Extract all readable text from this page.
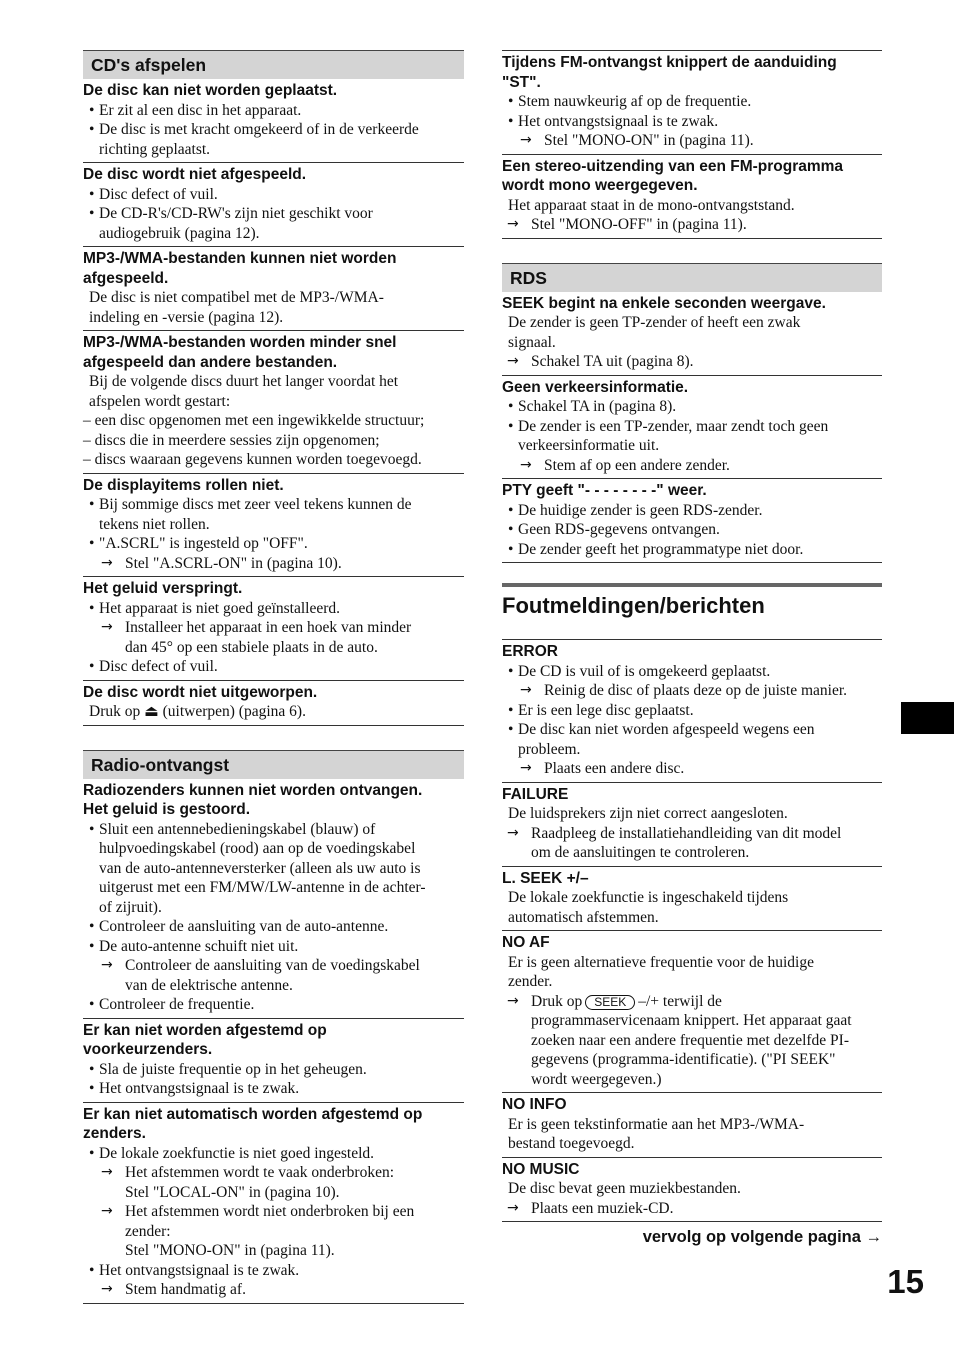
CD's afspelen
De disc kan niet worden geplaatst.
• Er zit al een disc in het apparaat.
• De disc is met kracht omgekeerd of in de verkeerde
richting geplaatst.
De disc wordt niet afgespeeld.
• Disc defect of vuil.
• De CD-R's/CD-RW's zijn niet geschikt voor
audiogebruik (pagina 12).
MP3-/WMA-bestanden kunnen niet worden
afgespeeld.
De disc is niet compatibel met de MP3-/WMA-
indeling en -versie (pagina 12).
MP3-/WMA-bestanden worden minder snel
afgespeeld dan andere bestanden.
Bij de volgende discs duurt het langer voordat het
afspelen wordt gestart:
– een disc opgenomen met een ingewikkelde structuur;
– discs die in meerdere sessies zijn opgenomen;
– discs waaraan gegevens kunnen worden toegevoegd.
De displayitems rollen niet.
• Bij sommige discs met zeer veel tekens kunnen de
tekens niet rollen.
• "A.SCRL" is ingesteld op "OFF".
→ Stel "A.SCRL-ON" in (pagina 10).
Het geluid verspringt.
• Het apparaat is niet goed geïnstalleerd.
→ Installeer het apparaat in een hoek van minder
dan 45° op een stabiele plaats in de auto.
• Disc defect of vuil.
De disc wordt niet uitgeworpen.
Druk op ⏏ (uitwerpen) (pagina 6).
Radio-ontvangst
Radiozenders kunnen niet worden ontvangen.
Het geluid is gestoord.
• Sluit een antennebedieningskabel (blauw) of
hulpvoedingskabel (rood) aan op de voedingskabel
van de auto-antenneversterker (alleen als uw auto is
uitgerust met een FM/MW/LW-antenne in de achter-
of zijruit).
• Controleer de aansluiting van de auto-antenne.
• De auto-antenne schuift niet uit.
→ Controleer de aansluiting van de voedingskabel
van de elektrische antenne.
• Controleer de frequentie.
Er kan niet worden afgestemd op
voorkeurzenders.
• Sla de juiste frequentie op in het geheugen.
• Het ontvangstsignaal is te zwak.
Er kan niet automatisch worden afgestemd op
zenders.
• De lokale zoekfunctie is niet goed ingesteld.
→ Het afstemmen wordt te vaak onderbroken:
Stel "LOCAL-ON" in (pagina 10).
→ Het afstemmen wordt niet onderbroken bij een
zender:
Stel "MONO-ON" in (pagina 11).
• Het ontvangstsignaal is te zwak.
→ Stem handmatig af.
Tijdens FM-ontvangst knippert de aanduiding
"ST".
• Stem nauwkeurig af op de frequentie.
• Het ontvangstsignaal is te zwak.
→ Stel "MONO-ON" in (pagina 11).
Een stereo-uitzending van een FM-programma
wordt mono weergegeven.
Het apparaat staat in de mono-ontvangststand.
→ Stel "MONO-OFF" in (pagina 11).
RDS
SEEK begint na enkele seconden weergave.
De zender is geen TP-zender of heeft een zwak
signaal.
→ Schakel TA uit (pagina 8).
Geen verkeersinformatie.
• Schakel TA in (pagina 8).
• De zender is een TP-zender, maar zendt toch geen
verkeersinformatie uit.
→ Stem af op een andere zender.
PTY geeft "- - - - - - - -" weer.
• De huidige zender is geen RDS-zender.
• Geen RDS-gegevens ontvangen.
• De zender geeft het programmatype niet door.
Foutmeldingen/berichten
ERROR
• De CD is vuil of is omgekeerd geplaatst.
→ Reinig de disc of plaats deze op de juiste manier.
• Er is een lege disc geplaatst.
• De disc kan niet worden afgespeeld wegens een
probleem.
→ Plaats een andere disc.
FAILURE
De luidsprekers zijn niet correct aangesloten.
→ Raadpleeg de installatiehandleiding van dit model
om de aansluitingen te controleren.
L. SEEK +/–
De lokale zoekfunctie is ingeschakeld tijdens
automatisch afstemmen.
NO AF
Er is geen alternatieve frequentie voor de huidige
zender.
→ Druk op SEEK –/+ terwijl de
programmaservicenaam knippert. Het apparaat gaat
zoeken naar een andere frequentie met dezelfde PI-
gegevens (programma-identificatie). ("PI SEEK"
wordt weergegeven.)
NO INFO
Er is geen tekstinformatie aan het MP3-/WMA-
bestand toegevoegd.
NO MUSIC
De disc bevat geen muziekbestanden.
→ Plaats een muziek-CD.
vervolg op volgende pagina →
15
